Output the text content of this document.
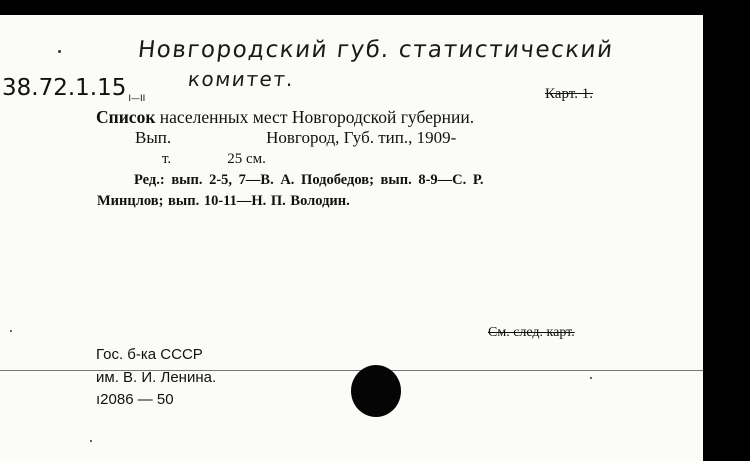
Новгородский губ. статистический
комитет.
38.72.1.15 $_{I—II}$	Карт. 1.
Список населенных мест Новгородской губернии.
Вып.	Новгород, Губ. тип., 1909-
т.	25 см.
Ред.: вып. 2-5, 7—В. А. Подобедов; вып. 8-9—С. Р.
Минцлов; вып. 10-11—Н. П. Володин.
См. след. карт.
Гос. б-ка СССР
им. В. И. Ленина.
ı2086 — 50
